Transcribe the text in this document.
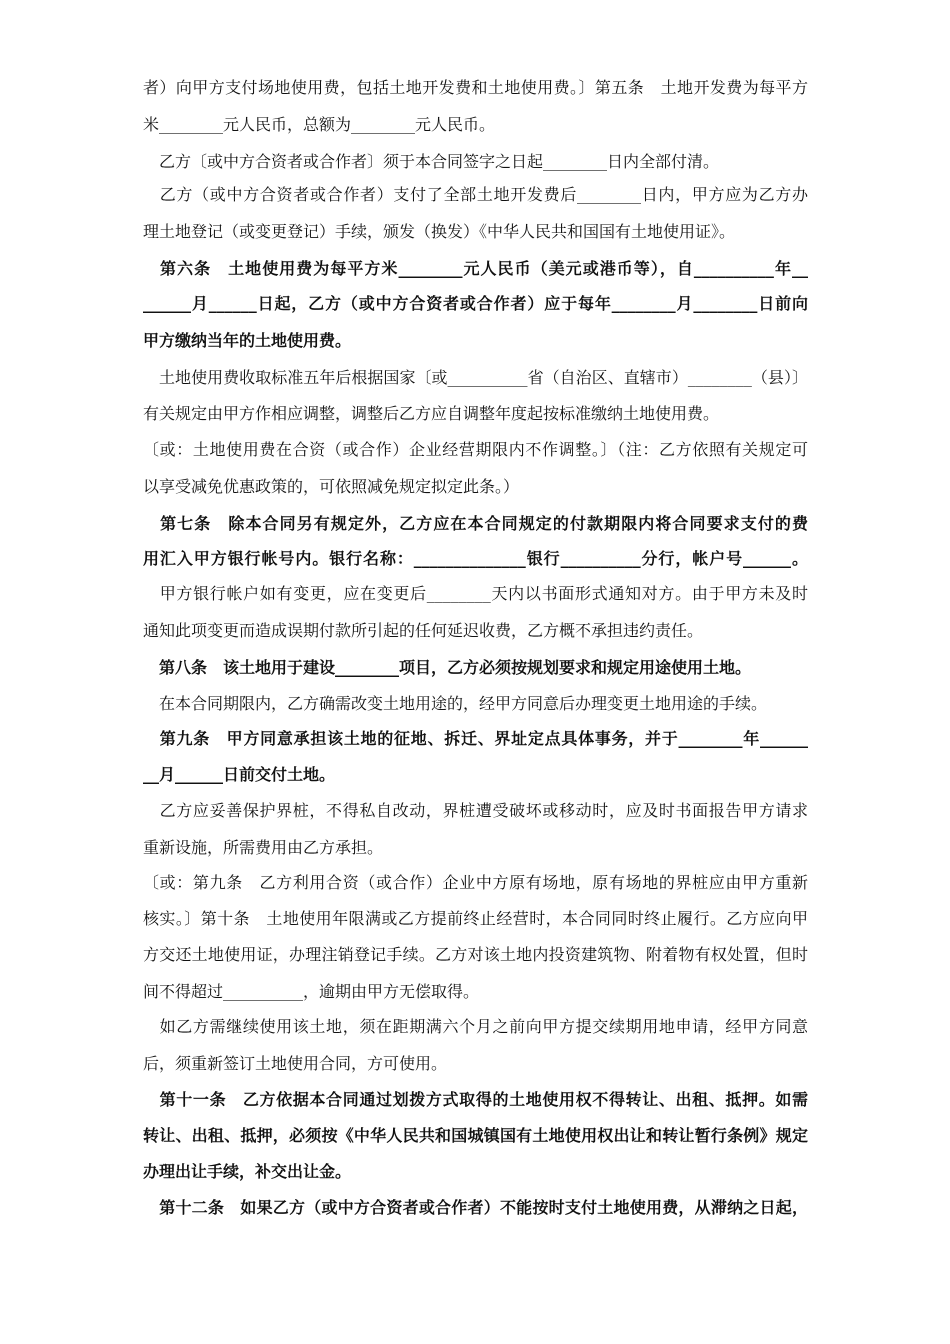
者）向甲方支付场地使用费，包括土地开发费和土地使用费。〕第五条　土地开发费为每平方
米________元人民币，总额为________元人民币。
　乙方〔或中方合资者或合作者〕须于本合同签字之日起________日内全部付清。
　乙方（或中方合资者或合作者）支付了全部土地开发费后________日内，甲方应为乙方办
理土地登记（或变更登记）手续，颁发（换发）《中华人民共和国国有土地使用证》。
　第六条　土地使用费为每平方米________元人民币（美元或港币等），自__________年__
______月______日起，乙方（或中方合资者或合作者）应于每年________月________日前向
甲方缴纳当年的土地使用费。
　土地使用费收取标准五年后根据国家〔或__________省（自治区、直辖市）________（县）〕
有关规定由甲方作相应调整，调整后乙方应自调整年度起按标准缴纳土地使用费。
〔或：土地使用费在合资（或合作）企业经营期限内不作调整。〕（注：乙方依照有关规定可
以享受减免优惠政策的，可依照减免规定拟定此条。）
　第七条　除本合同另有规定外，乙方应在本合同规定的付款期限内将合同要求支付的费
用汇入甲方银行帐号内。银行名称：______________银行__________分行，帐户号______。
　甲方银行帐户如有变更，应在变更后________天内以书面形式通知对方。由于甲方未及时
通知此项变更而造成误期付款所引起的任何延迟收费，乙方概不承担违约责任。
　第八条　该土地用于建设________项目，乙方必须按规划要求和规定用途使用土地。
　在本合同期限内，乙方确需改变土地用途的，经甲方同意后办理变更土地用途的手续。
　第九条　甲方同意承担该土地的征地、拆迁、界址定点具体事务，并于________年______
__月______日前交付土地。
　乙方应妥善保护界桩，不得私自改动，界桩遭受破坏或移动时，应及时书面报告甲方请求
重新设施，所需费用由乙方承担。
〔或：第九条　乙方利用合资（或合作）企业中方原有场地，原有场地的界桩应由甲方重新
核实。〕第十条　土地使用年限满或乙方提前终止经营时，本合同同时终止履行。乙方应向甲
方交还土地使用证，办理注销登记手续。乙方对该土地内投资建筑物、附着物有权处置，但时
间不得超过__________，逾期由甲方无偿取得。
　如乙方需继续使用该土地，须在距期满六个月之前向甲方提交续期用地申请，经甲方同意
后，须重新签订土地使用合同，方可使用。
　第十一条　乙方依据本合同通过划拨方式取得的土地使用权不得转让、出租、抵押。如需
转让、出租、抵押，必须按《中华人民共和国城镇国有土地使用权出让和转让暂行条例》规定
办理出让手续，补交出让金。
　第十二条　如果乙方（或中方合资者或合作者）不能按时支付土地使用费，从滞纳之日起，
